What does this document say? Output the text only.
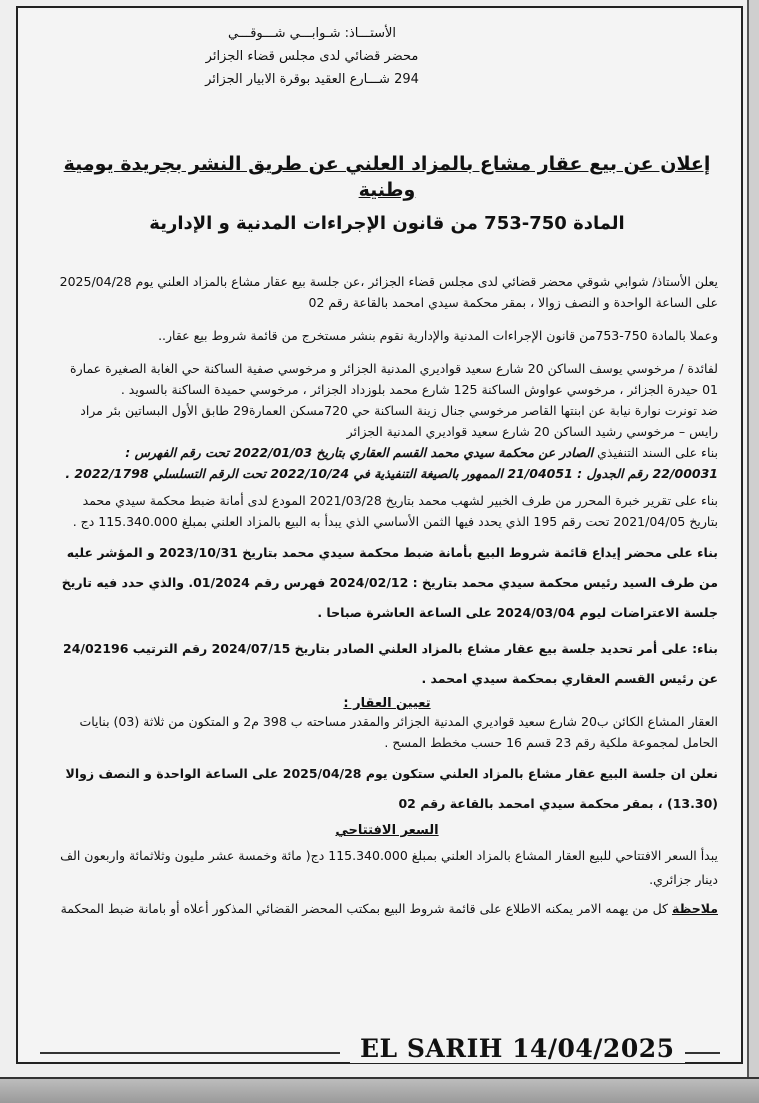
الأستـــاذ: شـوابـــي شـــوقـــي
محضر قضائي لدى مجلس قضاء الجزائر
294 شـــارع العقيد بوقرة الابيار الجزائر
إعلان عن بيع عقار مشاع بالمزاد العلني عن طريق النشر بجريدة يومية وطنية
المادة 750-753 من قانون الإجراءات المدنية و الإدارية

يعلن الأستاذ/ شوابي شوقي محضر قضائي لدى مجلس قضاء الجزائر ،عن جلسة بيع عقار مشاع بالمزاد العلني يوم 2025/04/28 على الساعة الواحدة و النصف زوالا ، بمقر محكمة سيدي امحمد بالقاعة رقم 02

وعملا بالمادة 750-753من قانون الإجراءات المدنية والإدارية نقوم بنشر مستخرج من قائمة شروط بيع عقار..

لفائدة / مرخوسي يوسف الساكن 20 شارع سعيد قواديري المدنية الجزائر و مرخوسي صفية الساكنة حي الغابة الصغيرة عمارة 01 حيدرة الجزائر ، مرخوسي عواوش الساكنة 125 شارع محمد بلوزداد الجزائر ، مرخوسي حميدة الساكنة بالسويد .

ضد تونرت نوارة نيابة عن ابنتها القاصر مرخوسي جنال زينة الساكنة حي 720مسكن العمارة29 طابق الأول البساتين بئر مراد رايس – مرخوسي رشيد الساكن 20 شارع سعيد قواديري المدنية الجزائر

بناء على السند التنفيذي الصادر عن محكمة سيدي محمد القسم العقاري بتاريخ 2022/01/03 تحت رقم الفهرس : 22/00031 رقم الجدول : 21/04051 الممهور بالصيغة التنفيذية في 2022/10/24 تحت الرقم التسلسلي 2022/1798 .

بناء على تقرير خبرة المحرر من طرف الخبير لشهب محمد بتاريخ 2021/03/28 المودع لدى أمانة ضبط محكمة سيدي محمد بتاريخ 2021/04/05 تحت رقم 195 الذي يحدد فيها الثمن الأساسي الذي يبدأ به البيع بالمزاد العلني بمبلغ 115.340.000 دج .

بناء على محضر إيداع قائمة شروط البيع بأمانة ضبط محكمة سيدي محمد بتاريخ 2023/10/31 و المؤشر عليه من طرف السيد رئيس محكمة سيدي محمد بتاريخ : 2024/02/12 فهرس رقم 01/2024. والذي حدد فيه تاريخ جلسة الاعتراضات ليوم 2024/03/04 على الساعة العاشرة صباحا .

بناء: على أمر تحديد جلسة بيع عقار مشاع بالمزاد العلني الصادر بتاريخ 2024/07/15 رقم الترتيب 24/02196 عن رئيس القسم العقاري بمحكمة سيدي امحمد .

تعيين العقار :

العقار المشاع الكائن ب20 شارع سعيد قواديري المدنية الجزائر والمقدر مساحته ب 398 م2 و المتكون من ثلاثة (03) بنايات الحامل لمجموعة ملكية رقم 23 قسم 16 حسب مخطط المسح .

نعلن ان جلسة البيع عقار مشاع بالمزاد العلني ستكون يوم 2025/04/28 على الساعة الواحدة و النصف زوالا (13.30) ، بمقر محكمة سيدي امحمد بالقاعة رقم 02

السعر الافتتاحي

يبدأ السعر الافتتاحي للبيع العقار المشاع بالمزاد العلني بمبلغ 115.340.000 دج( مائة وخمسة عشر مليون وثلاثمائة واربعون الف دينار جزائري.

ملاحظة كل من يهمه الامر يمكنه الاطلاع على قائمة شروط البيع بمكتب المحضر القضائي المذكور أعلاه أو بامانة ضبط المحكمة

EL SARIH 14/04/2025
